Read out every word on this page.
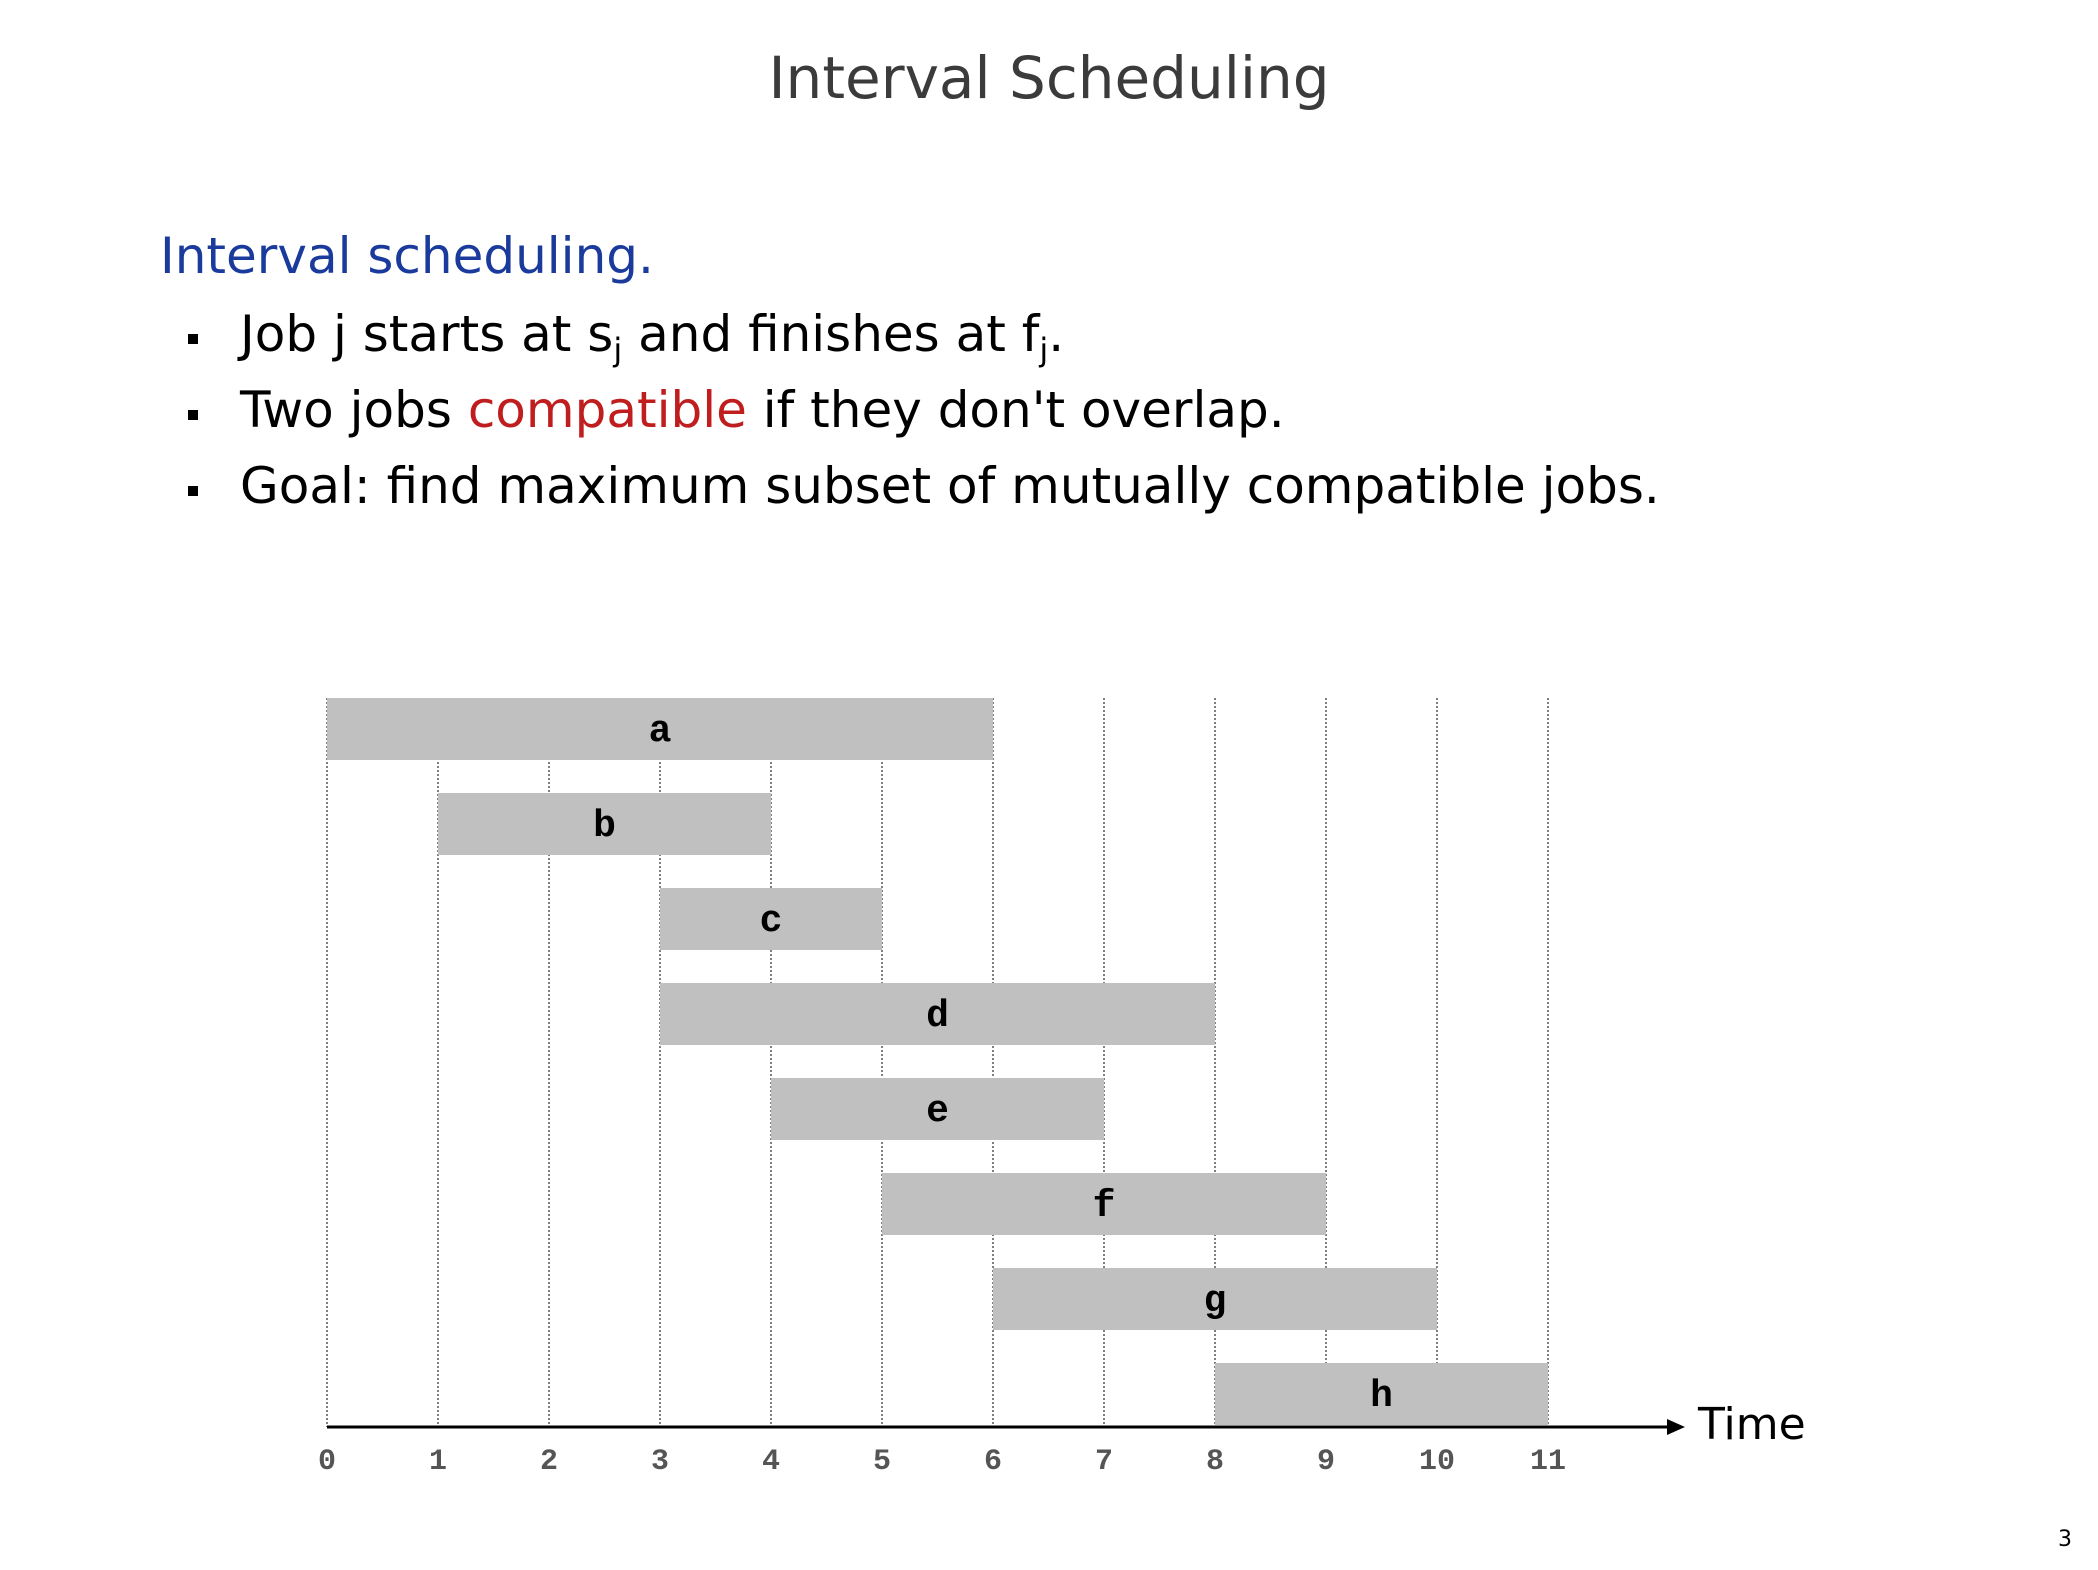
Interval Scheduling
Interval scheduling.
Job j starts at $s_j$ and finishes at $f_j$.
Two jobs compatible if they don't overlap.
Goal: find maximum subset of mutually compatible jobs.
a
b
c
d
e
f
g
h
Time
0	1	2	3	4	5	6	7	8	9	10 11
3
